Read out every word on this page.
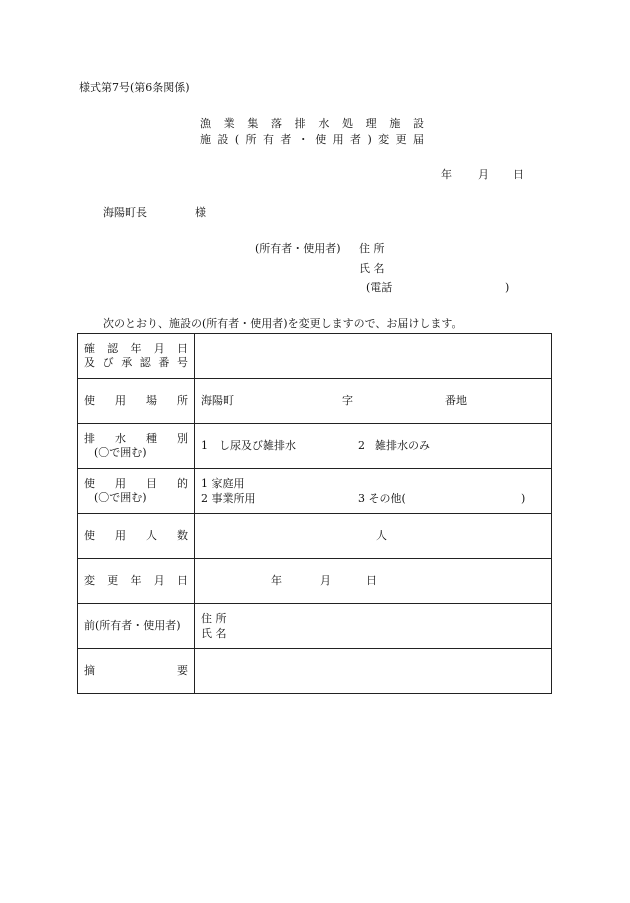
様式第7号(第6条関係)
漁業集落排水処理施設
施設(所有者・使用者)変更届
年 月 日
海陽町長	様
(所有者・使用者) 住 所
氏 名
(電話	)
次のとおり、施設の(所有者・使用者)を変更しますので、お届けします。
確認年月日
及び承認番号	

使用場所	海陽町 字 番地

排水種別
(〇で囲む)	1 し尿及び雑排水 2 雑排水のみ

使用目的
(〇で囲む)	1 家庭用
2 事業所用 3 その他( )

使用人数	人

変更年月日	年 月 日

前(所有者・使用者)	住 所
氏 名

摘要	
